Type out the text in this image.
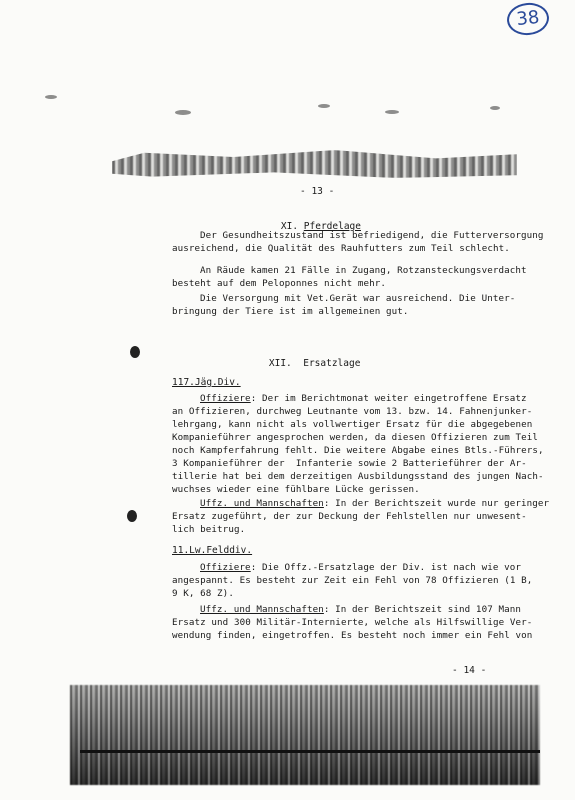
38
- 13 -

XI. Pferdelage

Der Gesundheitszustand ist befriedigend, die Futterversorgung
ausreichend, die Qualität des Rauhfutters zum Teil schlecht.
An Räude kamen 21 Fälle in Zugang, Rotzansteckungsverdacht
besteht auf dem Peloponnes nicht mehr.
Die Versorgung mit Vet.Gerät war ausreichend. Die Unter-
bringung der Tiere ist im allgemeinen gut.

XII. Ersatzlage

117.Jäg.Div.
Offiziere: Der im Berichtmonat weiter eingetroffene Ersatz
an Offizieren, durchweg Leutnante vom 13. bzw. 14. Fahnenjunker-
lehrgang, kann nicht als vollwertiger Ersatz für die abgegebenen
Kompanieführer angesprochen werden, da diesen Offizieren zum Teil
noch Kampferfahrung fehlt. Die weitere Abgabe eines Btls.-Führers,
3 Kompanieführer der  Infanterie sowie 2 Batterieführer der Ar-
tillerie hat bei dem derzeitigen Ausbildungsstand des jungen Nach-
wuchses wieder eine fühlbare Lücke gerissen.
Uffz. und Mannschaften: In der Berichtszeit wurde nur geringer
Ersatz zugeführt, der zur Deckung der Fehlstellen nur unwesent-
lich beitrug.
11.Lw.Felddiv.
Offiziere: Die Offz.-Ersatzlage der Div. ist nach wie vor
angespannt. Es besteht zur Zeit ein Fehl von 78 Offizieren (1 B,
9 K, 68 Z).
Uffz. und Mannschaften: In der Berichtszeit sind 107 Mann
Ersatz und 300 Militär-Internierte, welche als Hilfswillige Ver-
wendung finden, eingetroffen. Es besteht noch immer ein Fehl von
- 14 -
